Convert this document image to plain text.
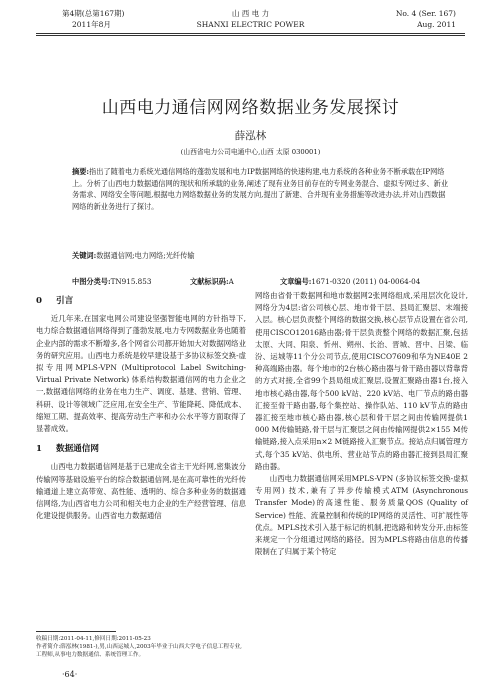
第4期(总第167期)
2011年8月
山 西 电 力
SHANXI ELECTRIC POWER
No. 4 (Ser. 167)
Aug. 2011
山西电力通信网网络数据业务发展探讨
薛泓林
(山西省电力公司电通中心,山西 太原 030001)
摘要:指出了随着电力系统光通信网络的蓬勃发展和电力IP数据网络的快速构建,电力系统的各种业务不断承载在IP网络上。分析了山西电力数据通信网的现状和所承载的业务,阐述了现有业务目前存在的专网业务混合、虚拟专网过多、新业务需求、网络安全等问题,根据电力网络数据业务的发展方向,提出了新建、合并现有业务措施等改进办法,并对山西数据网络的新业务进行了探讨。
关键词:数据通信网;电力网络;光纤传输
中图分类号:TN915.853	文献标识码:A	文章编号:1671-0320 (2011) 04-0064-04
0 引言

近几年来,在国家电网公司建设坚强智能电网的方针指导下,电力综合数据通信网络得到了蓬勃发展,电力专网数据业务也随着企业内部的需求不断增多,各个网省公司都开始加大对数据网络业务的研究应用。山西电力系统是较早建设基于多协议标签交换-虚拟专用网MPLS-VPN (Multiprotocol Label Switching-Virtual Private Network) 体系结构数据通信网的电力企业之一,数据通信网络的业务在电力生产、调度、基建、营销、管理、科研、设计等领域广泛应用,在安全生产、节能降耗、降低成本、缩短工期、提高效率、提高劳动生产率和办公水平等方面取得了显著成效。

1 数据通信网

山西电力数据通信网是基于已建成全省主干光纤网,密集波分传输网等基础设施平台的综合数据通信网,是在高可靠性的光纤传输通道上建立高带宽、高性能、透明的、综合多种业务的数据通信网络,为山西省电力公司和相关电力企业的生产经营管理、信息化建设提供服务。山西省电力数据通信

网络由省骨干数据网和地市数据网2张网络组成,采用层次化设计,网络分为4层:省公司核心层、地市骨干层、县局汇聚层、末端接入层。核心层负责整个网络的数据交换,核心层节点设置在省公司,使用CISCO12016路由器;骨干层负责整个网络的数据汇聚,包括太原、大同、阳泉、忻州、朔州、长治、晋城、晋中、吕梁、临汾、运城等11个分公司节点,使用CISCO7609和华为NE40E 2种高端路由器。每个地市的2台核心路由器与骨干路由器以背靠背的方式对接,全省99个县局组成汇聚层,设置汇聚路由器1台,接入地市核心路由器,每个500 kV站、220 kV站、电厂节点的路由器汇接至骨干路由器,每个集控站、操作队站、110 kV节点的路由器汇接至地市核心路由器,核心层和骨干层之间由传输网提供1 000 M传输链路,骨干层与汇聚层之间由传输网提供2×155 M传输链路,接入点采用n×2 M链路接入汇聚节点。接站点归属管理方式,每个35 kV站、供电所、营业站节点的路由器汇接到县局汇聚路由器。

山西电力数据通信网采用MPLS-VPN (多协议标签交换-虚拟专用网) 技术,兼有了异步传输模式ATM (Asynchronous Transfer Mode)的高速性能、服务质量QOS (Quality of Service) 性能、流量控制和传统的IP网络的灵活性、可扩展性等优点。MPLS技术引入基于标记的机制,把选路和转发分开,由标签来规定一个分组通过网络的路径。因为MPLS将路由信息的传播限制在了归属于某个特定

收稿日期:2011-04-11,修回日期:2011-05-23
作者简介:薛泓林(1981-),男,山西运城人,2003年毕业于山西大学电子信息工程专业,工程师,从事电力数据通信、系统管理工作。
·64·
